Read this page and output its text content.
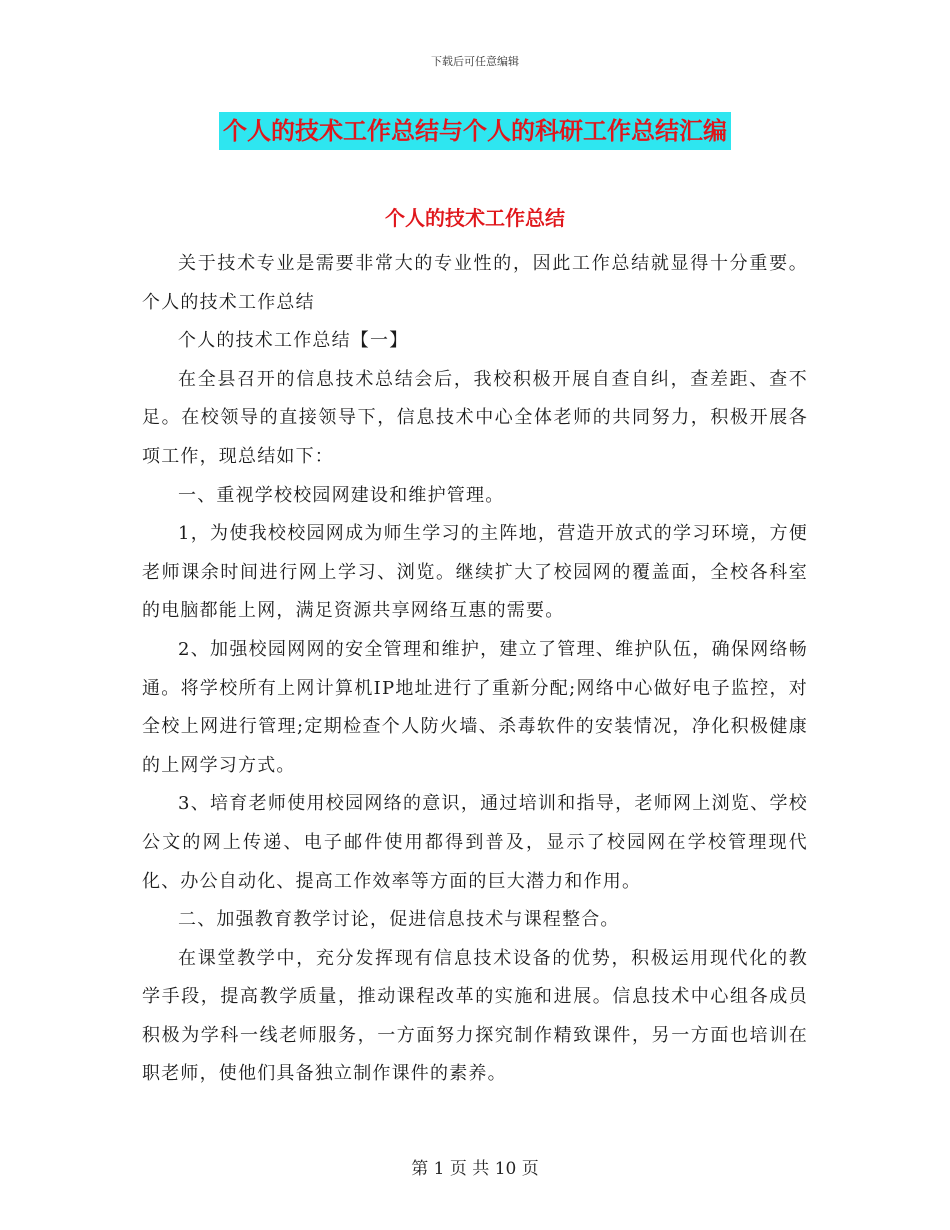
下载后可任意编辑
个人的技术工作总结与个人的科研工作总结汇编
个人的技术工作总结

关于技术专业是需要非常大的专业性的，因此工作总结就显得十分重要。个人的技术工作总结

个人的技术工作总结【一】

在全县召开的信息技术总结会后，我校积极开展自查自纠，查差距、查不足。在校领导的直接领导下，信息技术中心全体老师的共同努力，积极开展各项工作，现总结如下：

一、重视学校校园网建设和维护管理。

1，为使我校校园网成为师生学习的主阵地，营造开放式的学习环境，方便老师课余时间进行网上学习、浏览。继续扩大了校园网的覆盖面，全校各科室的电脑都能上网，满足资源共享网络互惠的需要。

2、加强校园网网的安全管理和维护，建立了管理、维护队伍，确保网络畅通。将学校所有上网计算机IP地址进行了重新分配;网络中心做好电子监控，对全校上网进行管理;定期检查个人防火墙、杀毒软件的安装情况，净化积极健康的上网学习方式。

3、培育老师使用校园网络的意识，通过培训和指导，老师网上浏览、学校公文的网上传递、电子邮件使用都得到普及，显示了校园网在学校管理现代化、办公自动化、提高工作效率等方面的巨大潜力和作用。

二、加强教育教学讨论，促进信息技术与课程整合。

在课堂教学中，充分发挥现有信息技术设备的优势，积极运用现代化的教学手段，提高教学质量，推动课程改革的实施和进展。信息技术中心组各成员积极为学科一线老师服务，一方面努力探究制作精致课件，另一方面也培训在职老师，使他们具备独立制作课件的素养。

第 1 页 共 10 页
